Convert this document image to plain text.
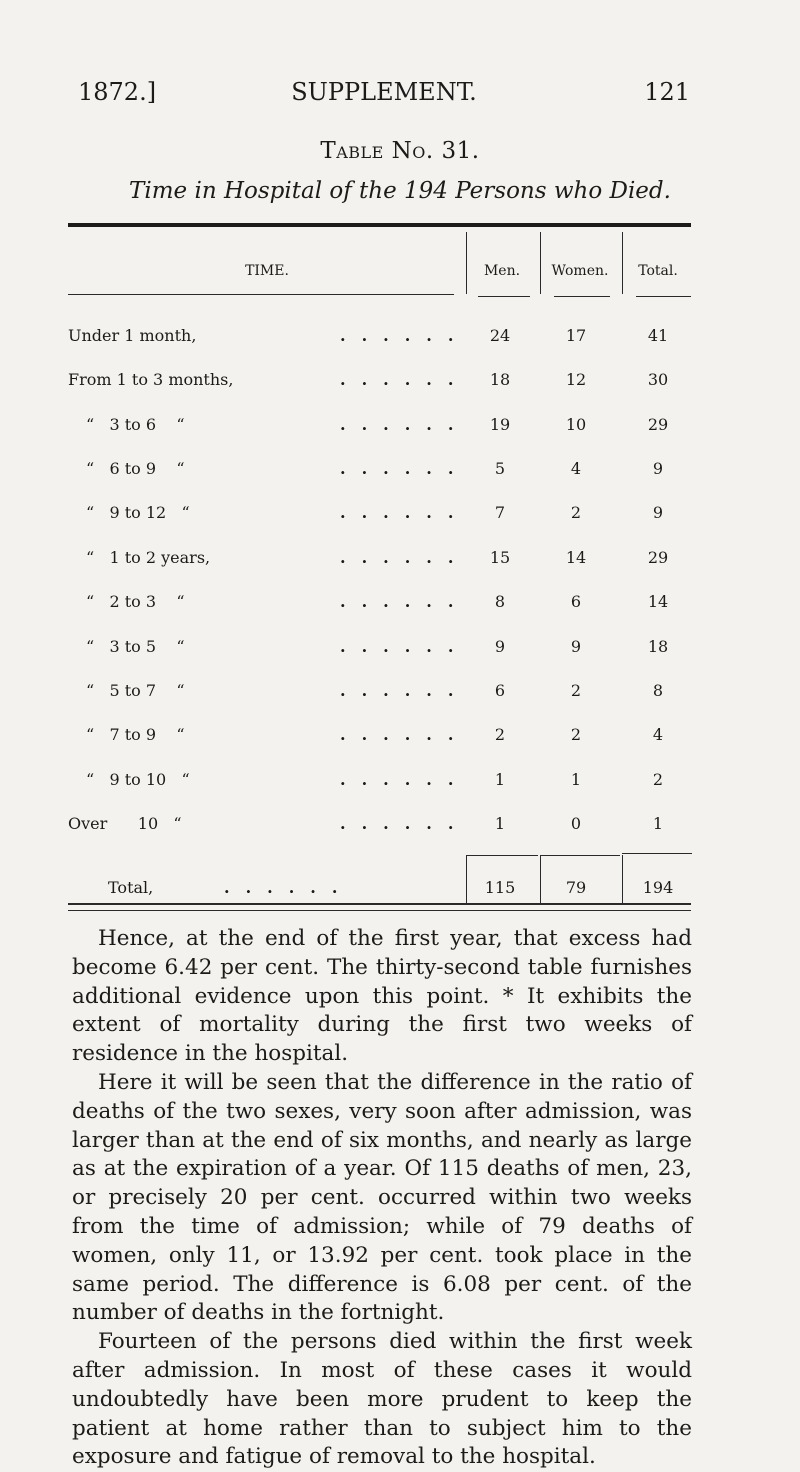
1872.]	SUPPLEMENT.	121
Table No. 31.
Time in Hospital of the 194 Persons who Died.
TIME.	Men.	Women.	Total.
Under 1 month,	......	24	17	41
From 1 to 3 months,	......	18	12	30
“   3 to 6    “	......	19	10	29
“   6 to 9    “	......	5	4	9
“   9 to 12   “	......	7	2	9
“   1 to 2 years,	......	15	14	29
“   2 to 3    “	......	8	6	14
“   3 to 5    “	......	9	9	18
“   5 to 7    “	......	6	2	8
“   7 to 9    “	......	2	2	4
“   9 to 10   “	......	1	1	2
Over      10   “	......	1	0	1
Total,	......	115	79	194

Hence, at the end of the first year, that excess had become 6.42 per cent. The thirty-second table furnishes additional evidence upon this point. * It exhibits the extent of mortality during the first two weeks of residence in the hospital.

Here it will be seen that the difference in the ratio of deaths of the two sexes, very soon after admission, was larger than at the end of six months, and nearly as large as at the expiration of a year. Of 115 deaths of men, 23, or precisely 20 per cent. occurred within two weeks from the time of admission; while of 79 deaths of women, only 11, or 13.92 per cent. took place in the same period. The difference is 6.08 per cent. of the number of deaths in the fortnight.

Fourteen of the persons died within the first week after admission. In most of these cases it would undoubtedly have been more prudent to keep the patient at home rather than to subject him to the exposure and fatigue of removal to the hospital.
